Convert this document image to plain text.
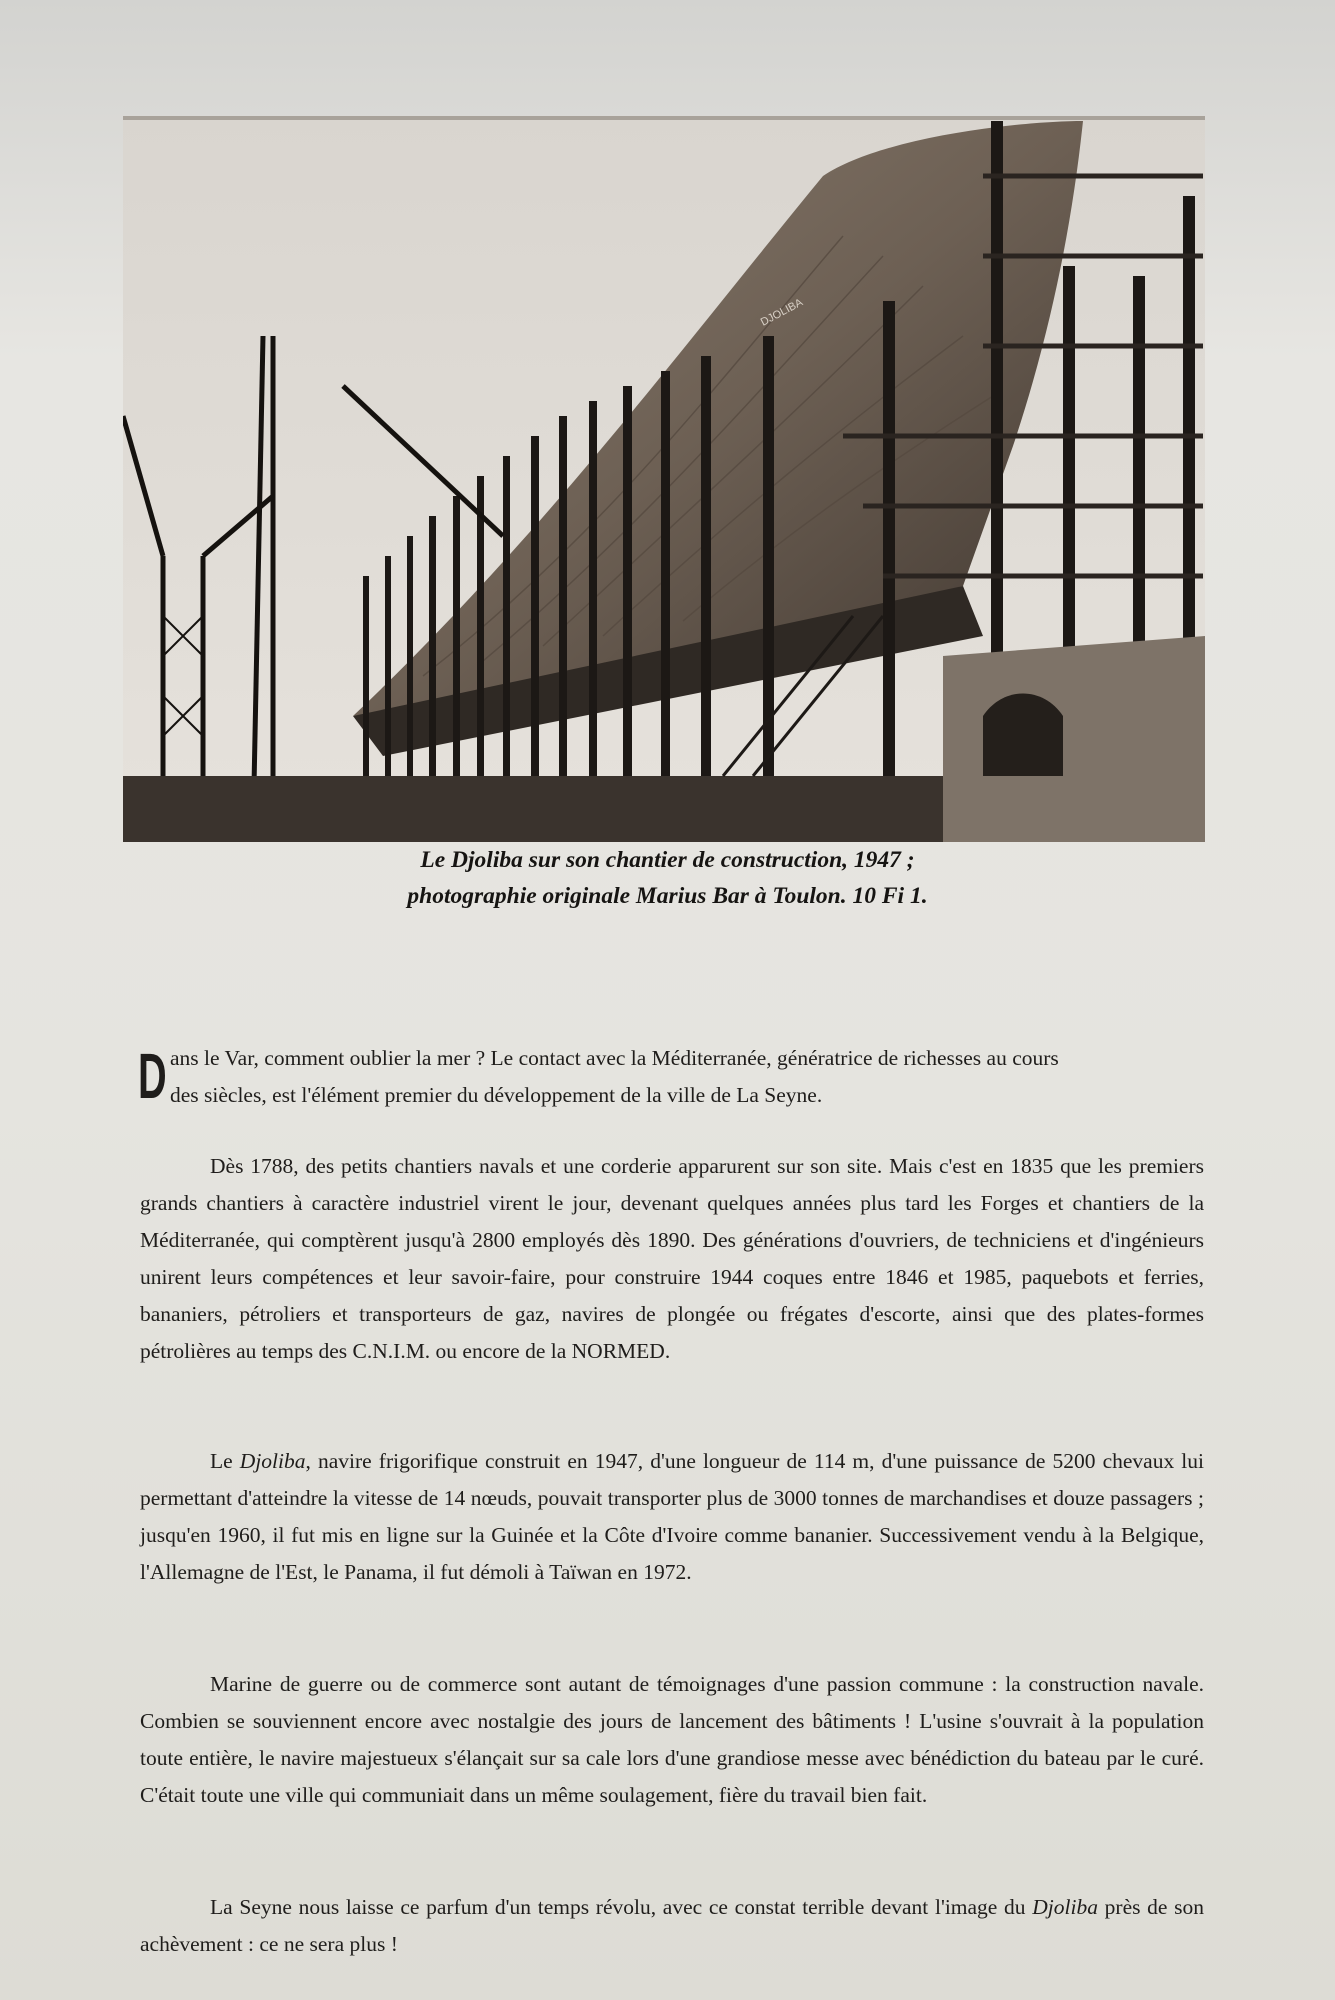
DJOLIBA
Le Djoliba sur son chantier de construction, 1947 ;
photographie originale Marius Bar à Toulon. 10 Fi 1.
D ans le Var, comment oublier la mer ? Le contact avec la Méditerranée, génératrice de richesses au cours
des siècles, est l'élément premier du développement de la ville de La Seyne.
Dès 1788, des petits chantiers navals et une corderie apparurent sur son site. Mais c'est en 1835 que les premiers grands chantiers à caractère industriel virent le jour, devenant quelques années plus tard les Forges et chantiers de la Méditerranée, qui comptèrent jusqu'à 2800 employés dès 1890. Des générations d'ouvriers, de techniciens et d'ingénieurs unirent leurs compétences et leur savoir-faire, pour construire 1944 coques entre 1846 et 1985, paquebots et ferries, bananiers, pétroliers et transporteurs de gaz, navires de plongée ou frégates d'escorte, ainsi que des plates-formes pétrolières au temps des C.N.I.M. ou encore de la NORMED.
Le Djoliba, navire frigorifique construit en 1947, d'une longueur de 114 m, d'une puissance de 5200 chevaux lui permettant d'atteindre la vitesse de 14 nœuds, pouvait transporter plus de 3000 tonnes de marchandises et douze passagers ; jusqu'en 1960, il fut mis en ligne sur la Guinée et la Côte d'Ivoire comme bananier. Successivement vendu à la Belgique, l'Allemagne de l'Est, le Panama, il fut démoli à Taïwan en 1972.
Marine de guerre ou de commerce sont autant de témoignages d'une passion commune : la construction navale. Combien se souviennent encore avec nostalgie des jours de lancement des bâtiments ! L'usine s'ouvrait à la population toute entière, le navire majestueux s'élançait sur sa cale lors d'une grandiose messe avec bénédiction du bateau par le curé. C'était toute une ville qui communiait dans un même soulagement, fière du travail bien fait.
La Seyne nous laisse ce parfum d'un temps révolu, avec ce constat terrible devant l'image du Djoliba près de son achèvement : ce ne sera plus !
